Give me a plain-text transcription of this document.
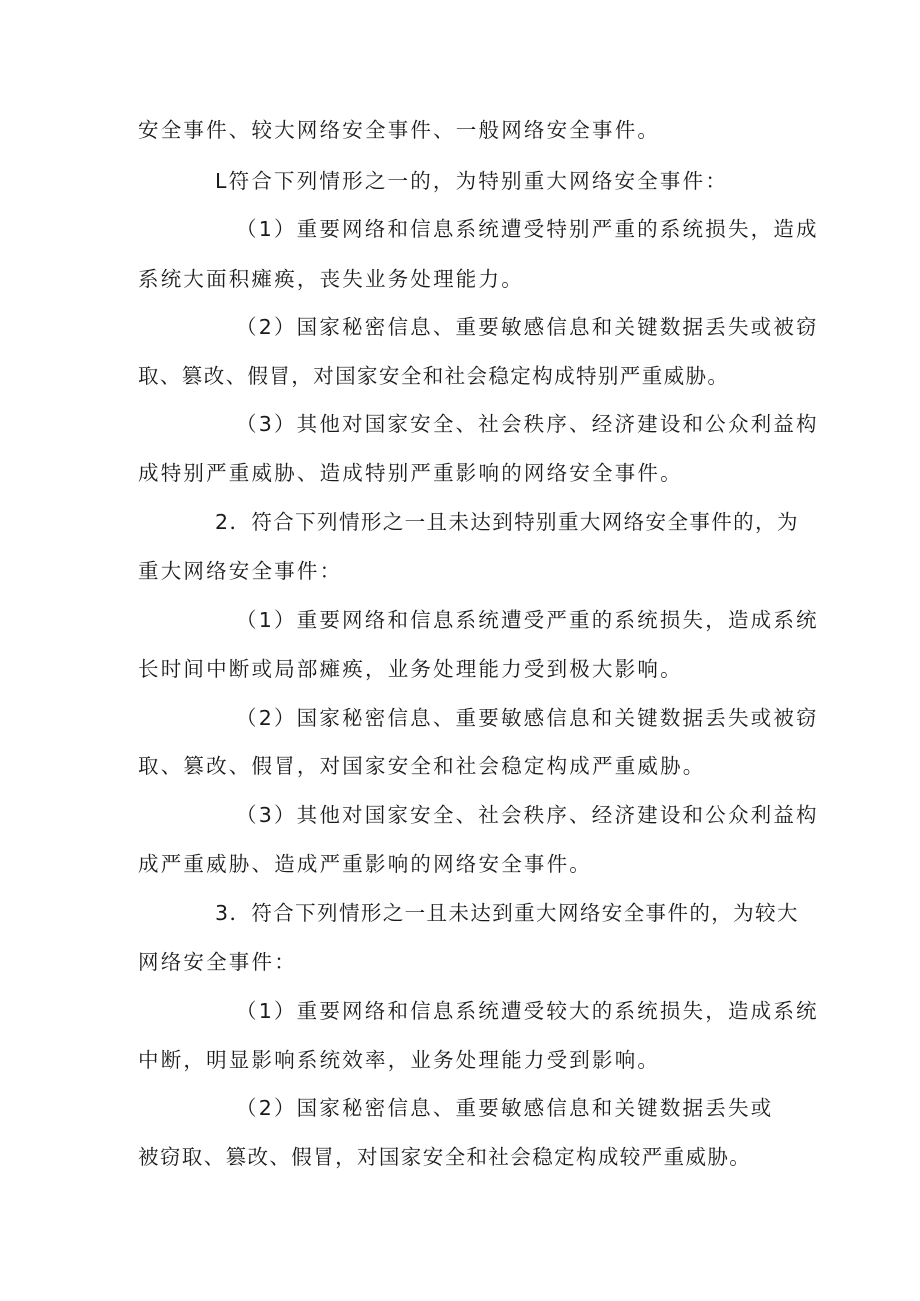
安全事件、较大网络安全事件、一般网络安全事件。
L符合下列情形之一的，为特别重大网络安全事件：
（1）重要网络和信息系统遭受特别严重的系统损失，造成
系统大面积瘫痪，丧失业务处理能力。
（2）国家秘密信息、重要敏感信息和关键数据丢失或被窃
取、篡改、假冒，对国家安全和社会稳定构成特别严重威胁。
（3）其他对国家安全、社会秩序、经济建设和公众利益构
成特别严重威胁、造成特别严重影响的网络安全事件。
2．符合下列情形之一且未达到特别重大网络安全事件的，为
重大网络安全事件：
（1）重要网络和信息系统遭受严重的系统损失，造成系统
长时间中断或局部瘫痪，业务处理能力受到极大影响。
（2）国家秘密信息、重要敏感信息和关键数据丢失或被窃
取、篡改、假冒，对国家安全和社会稳定构成严重威胁。
（3）其他对国家安全、社会秩序、经济建设和公众利益构
成严重威胁、造成严重影响的网络安全事件。
3．符合下列情形之一且未达到重大网络安全事件的，为较大
网络安全事件：
（1）重要网络和信息系统遭受较大的系统损失，造成系统
中断，明显影响系统效率，业务处理能力受到影响。
（2）国家秘密信息、重要敏感信息和关键数据丢失或
被窃取、篡改、假冒，对国家安全和社会稳定构成较严重威胁。
